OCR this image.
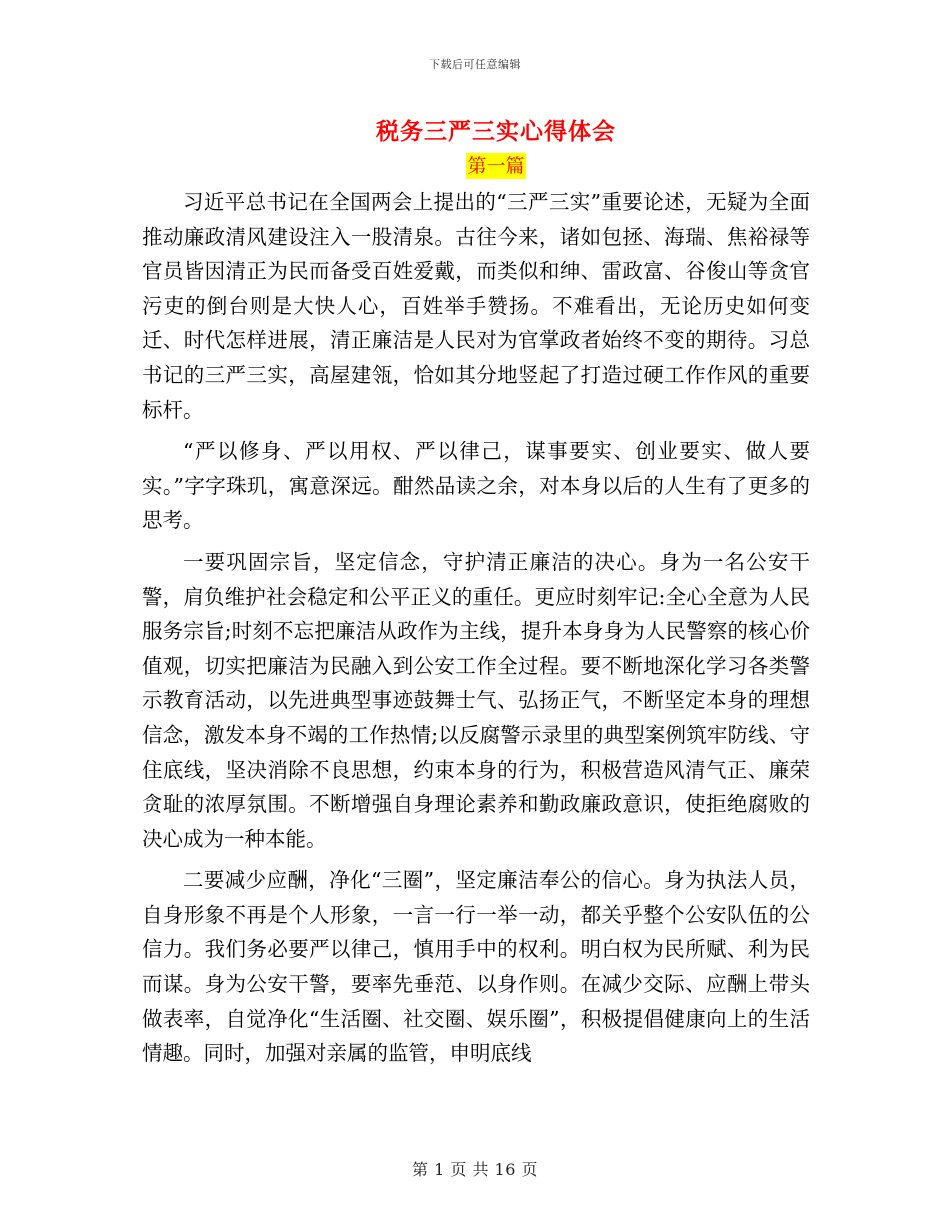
下载后可任意编辑
税务三严三实心得体会
第一篇

习近平总书记在全国两会上提出的“三严三实”重要论述，无疑为全面推动廉政清风建设注入一股清泉。古往今来，诸如包拯、海瑞、焦裕禄等官员皆因清正为民而备受百姓爱戴，而类似和绅、雷政富、谷俊山等贪官污吏的倒台则是大快人心，百姓举手赞扬。不难看出，无论历史如何变迁、时代怎样进展，清正廉洁是人民对为官掌政者始终不变的期待。习总书记的三严三实，高屋建瓴，恰如其分地竖起了打造过硬工作作风的重要标杆。

“严以修身、严以用权、严以律己，谋事要实、创业要实、做人要实。”字字珠玑，寓意深远。酣然品读之余，对本身以后的人生有了更多的思考。

一要巩固宗旨，坚定信念，守护清正廉洁的决心。身为一名公安干警，肩负维护社会稳定和公平正义的重任。更应时刻牢记:全心全意为人民服务宗旨;时刻不忘把廉洁从政作为主线，提升本身身为人民警察的核心价值观，切实把廉洁为民融入到公安工作全过程。要不断地深化学习各类警示教育活动，以先进典型事迹鼓舞士气、弘扬正气，不断坚定本身的理想信念，激发本身不竭的工作热情;以反腐警示录里的典型案例筑牢防线、守住底线，坚决消除不良思想，约束本身的行为，积极营造风清气正、廉荣贪耻的浓厚氛围。不断增强自身理论素养和勤政廉政意识，使拒绝腐败的决心成为一种本能。

二要减少应酬，净化“三圈”，坚定廉洁奉公的信心。身为执法人员，自身形象不再是个人形象，一言一行一举一动，都关乎整个公安队伍的公信力。我们务必要严以律己，慎用手中的权利。明白权为民所赋、利为民而谋。身为公安干警，要率先垂范、以身作则。在减少交际、应酬上带头做表率，自觉净化“生活圈、社交圈、娱乐圈”，积极提倡健康向上的生活情趣。同时，加强对亲属的监管，申明底线

第 1 页 共 16 页
